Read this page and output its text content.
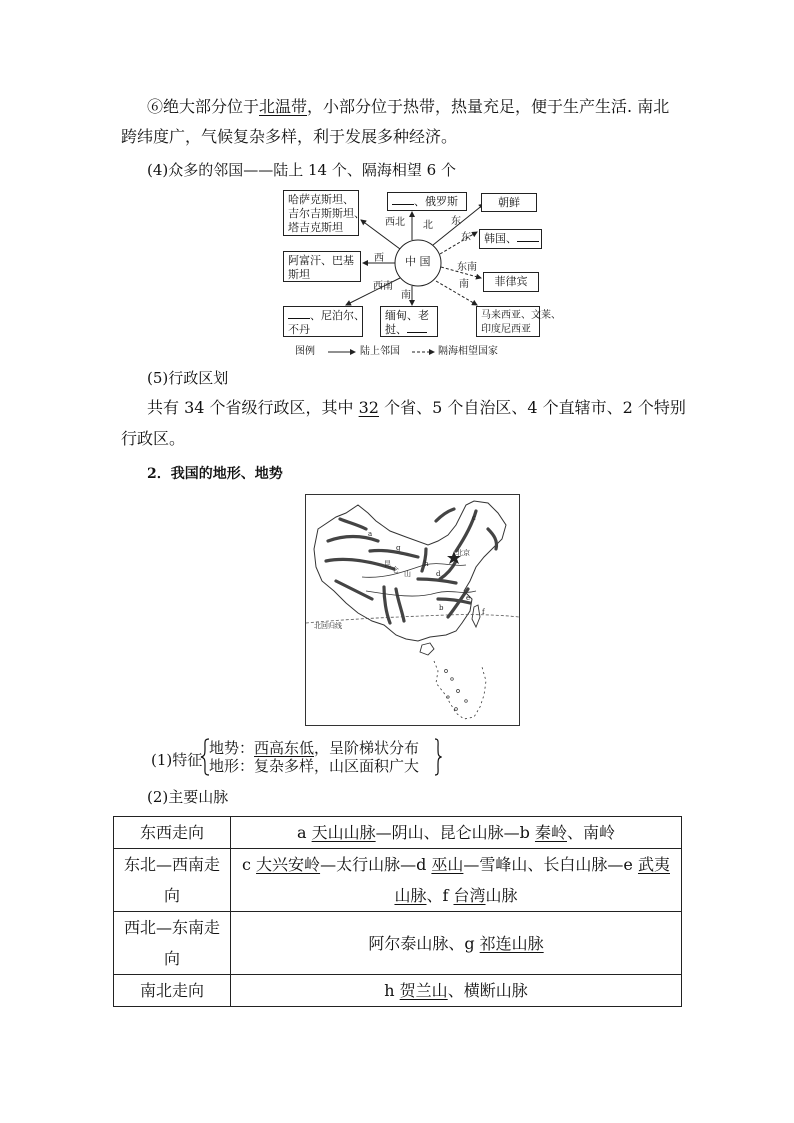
⑥绝大部分位于北温带，小部分位于热带，热量充足，便于生产生活. 南北
跨纬度广，气候复杂多样，利于发展多种经济。
(4)众多的邻国——陆上 14 个、隔海相望 6 个
哈萨克斯坦、
吉尔吉斯斯坦、
塔吉克斯坦
、俄罗斯	朝鲜
韩国、
阿富汗、巴基
斯坦
菲律宾
、尼泊尔、
不丹
缅甸、老
挝、
马来西亚、文莱、
印度尼西亚
中 国
西北 北 东
东
西
东南
南
西南
南
图例	陆上邻国	隔海相望国家
(5)行政区划
共有 34 个省级行政区，其中 32 个省、5 个自治区、4 个直辖市、2 个特别
行政区。
2．我国的地形、地势
a
b
c
d
e
f
g
h
北京
北回归线
昆
仑 山
(1)特征
地势：西高东低，呈阶梯状分布
地形：复杂多样，山区面积广大
(2)主要山脉
东西走向	a 天山山脉—阴山、昆仑山脉—b 秦岭、南岭
东北—西南走向	c 大兴安岭—太行山脉—d 巫山—雪峰山、长白山脉—e 武夷山脉、f 台湾山脉
西北—东南走向	阿尔泰山脉、g 祁连山脉
南北走向	h 贺兰山、横断山脉
